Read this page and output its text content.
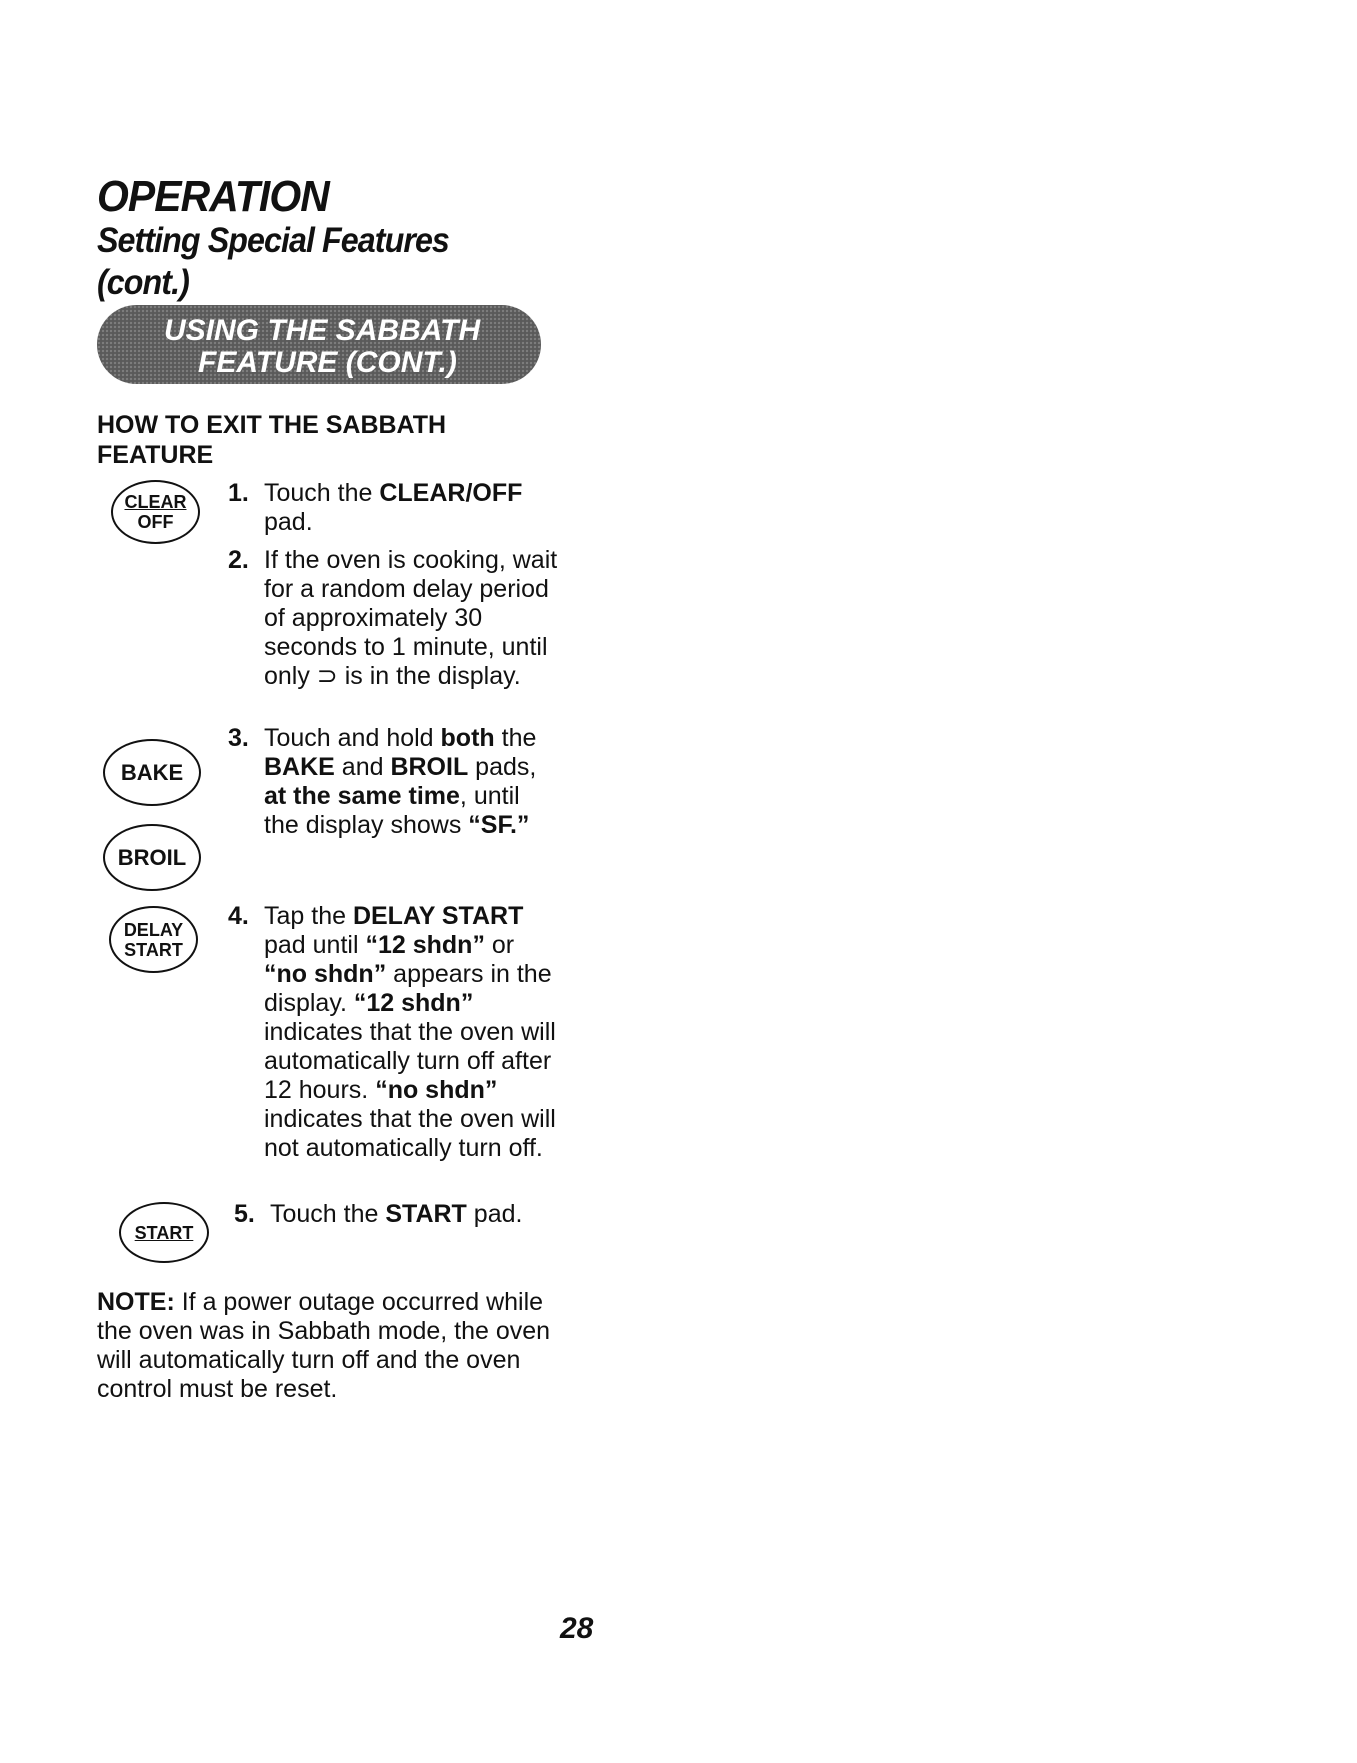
OPERATION
Setting Special Features
(cont.)
USING THE SABBATH
FEATURE (CONT.)
HOW TO EXIT THE SABBATH
FEATURE
CLEAR
OFF
BAKE
BROIL
DELAY
START
START
1. Touch the CLEAR/OFF pad.
2. If the oven is cooking, wait for a random delay period of approximately 30 seconds to 1 minute, until only ⊃ is in the display.
3. Touch and hold both the BAKE and BROIL pads, at the same time, until the display shows “SF.”
4. Tap the DELAY START pad until “12 shdn” or “no shdn” appears in the display. “12 shdn” indicates that the oven will automatically turn off after 12 hours. “no shdn” indicates that the oven will not automatically turn off.
5. Touch the START pad.
NOTE: If a power outage occurred while the oven was in Sabbath mode, the oven will automatically turn off and the oven control must be reset.
28
